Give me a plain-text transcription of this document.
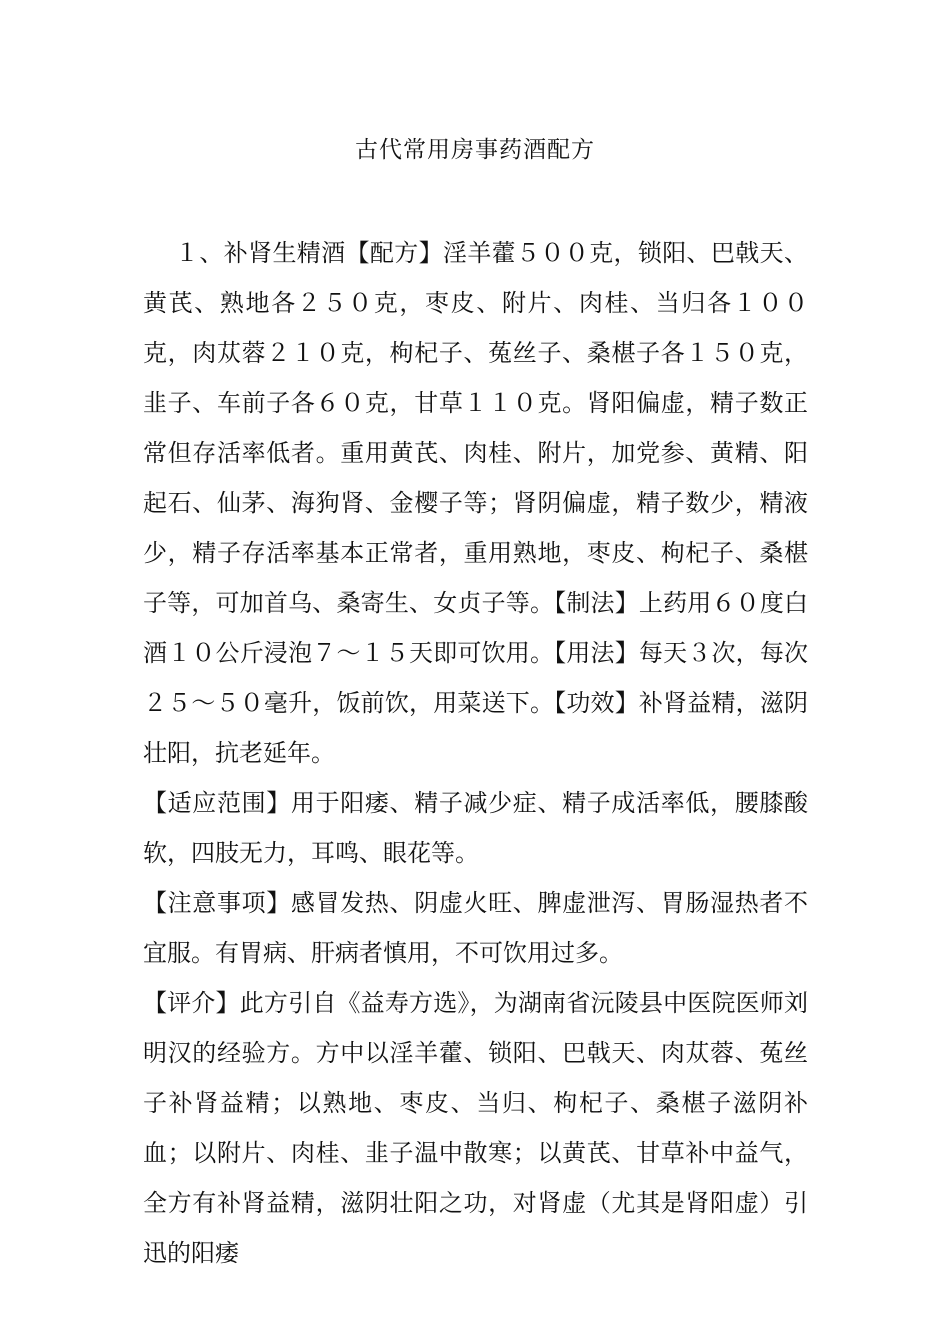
古代常用房事药酒配方

１、补肾生精酒【配方】淫羊藿５００克，锁阳、巴戟天、黄芪、熟地各２５０克，枣皮、附片、肉桂、当归各１００克，肉苁蓉２１０克，枸杞子、菟丝子、桑椹子各１５０克，韭子、车前子各６０克，甘草１１０克。肾阳偏虚，精子数正常但存活率低者。重用黄芪、肉桂、附片，加党参、黄精、阳起石、仙茅、海狗肾、金樱子等；肾阴偏虚，精子数少，精液少，精子存活率基本正常者，重用熟地，枣皮、枸杞子、桑椹子等，可加首乌、桑寄生、女贞子等。【制法】上药用６０度白酒１０公斤浸泡７～１５天即可饮用。【用法】每天３次，每次２５～５０毫升，饭前饮，用菜送下。【功效】补肾益精，滋阴壮阳，抗老延年。

【适应范围】用于阳痿、精子减少症、精子成活率低，腰膝酸软，四肢无力，耳鸣、眼花等。

【注意事项】感冒发热、阴虚火旺、脾虚泄泻、胃肠湿热者不宜服。有胃病、肝病者慎用，不可饮用过多。

【评介】此方引自《益寿方选》，为湖南省沅陵县中医院医师刘明汉的经验方。方中以淫羊藿、锁阳、巴戟天、肉苁蓉、菟丝子补肾益精；以熟地、枣皮、当归、枸杞子、桑椹子滋阴补血；以附片、肉桂、韭子温中散寒；以黄芪、甘草补中益气，全方有补肾益精，滋阴壮阳之功，对肾虚（尤其是肾阳虚）引迅的阳痿
